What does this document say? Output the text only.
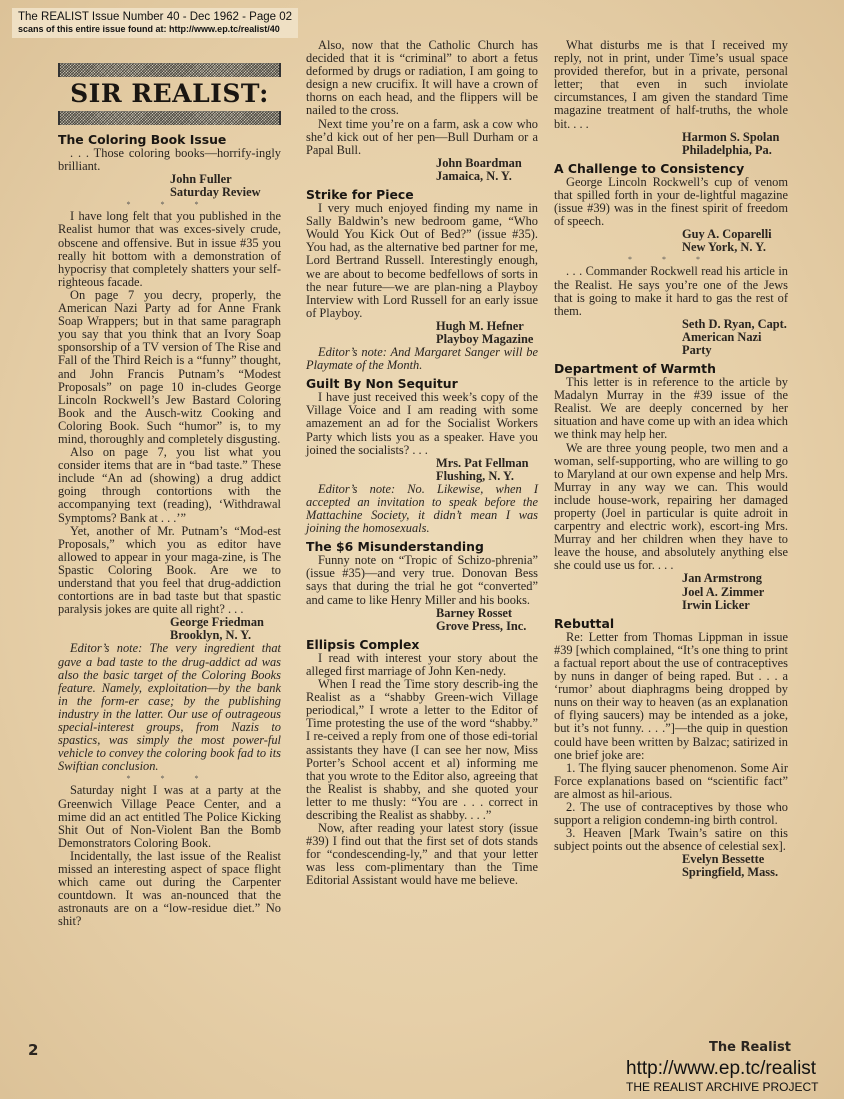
The REALIST Issue Number 40 - Dec 1962 - Page 02
scans of this entire issue found at: http://www.ep.tc/realist/40
SIR REALIST:
The Coloring Book Issue

. . . Those coloring books—horrify-ingly brilliant.

John Fuller
Saturday Review
* * *

I have long felt that you published in the Realist humor that was exces-sively crude, obscene and offensive. But in issue #35 you really hit bottom with a demonstration of hypocrisy that completely shatters your self-righteous facade.

On page 7 you decry, properly, the American Nazi Party ad for Anne Frank Soap Wrappers; but in that same paragraph you say that you think that an Ivory Soap sponsorship of a TV version of The Rise and Fall of the Third Reich is a “funny” thought, and John Francis Putnam’s “Modest Proposals” on page 10 in-cludes George Lincoln Rockwell’s Jew Bastard Coloring Book and the Ausch-witz Cooking and Coloring Book. Such “humor” is, to my mind, thoroughly and completely disgusting.

Also on page 7, you list what you consider items that are in “bad taste.” These include “An ad (showing) a drug addict going through contortions with the accompanying text (reading), ‘Withdrawal Symptoms? Bank at . . .’”

Yet, another of Mr. Putnam’s “Mod-est Proposals,” which you as editor have allowed to appear in your maga-zine, is The Spastic Coloring Book. Are we to understand that you feel that drug-addiction contortions are in bad taste but that spastic paralysis jokes are quite all right? . . .

George Friedman
Brooklyn, N. Y.

Editor’s note: The very ingredient that gave a bad taste to the drug-addict ad was also the basic target of the Coloring Books feature. Namely, exploitation—by the bank in the form-er case; by the publishing industry in the latter. Our use of outrageous special-interest groups, from Nazis to spastics, was simply the most power-ful vehicle to convey the coloring book fad to its Swiftian conclusion.

* * *

Saturday night I was at a party at the Greenwich Village Peace Center, and a mime did an act entitled The Police Kicking Shit Out of Non-Violent Ban the Bomb Demonstrators Coloring Book.

Incidentally, the last issue of the Realist missed an interesting aspect of space flight which came out during the Carpenter countdown. It was an-nounced that the astronauts are on a “low-residue diet.” No shit?

Also, now that the Catholic Church has decided that it is “criminal” to abort a fetus deformed by drugs or radiation, I am going to design a new crucifix. It will have a crown of thorns on each head, and the flippers will be nailed to the cross.

Next time you’re on a farm, ask a cow who she’d kick out of her pen—Bull Durham or a Papal Bull.

John Boardman
Jamaica, N. Y.
Strike for Piece

I very much enjoyed finding my name in Sally Baldwin’s new bedroom game, “Who Would You Kick Out of Bed?” (issue #35). You had, as the alternative bed partner for me, Lord Bertrand Russell. Interestingly enough, we are about to become bedfellows of sorts in the near future—we are plan-ning a Playboy Interview with Lord Russell for an early issue of Playboy.

Hugh M. Hefner
Playboy Magazine

Editor’s note: And Margaret Sanger will be Playmate of the Month.

Guilt By Non Sequitur

I have just received this week’s copy of the Village Voice and I am reading with some amazement an ad for the Socialist Workers Party which lists you as a speaker. Have you joined the socialists? . . .

Mrs. Pat Fellman
Flushing, N. Y.

Editor’s note: No. Likewise, when I accepted an invitation to speak before the Mattachine Society, it didn’t mean I was joining the homosexuals.

The $6 Misunderstanding

Funny note on “Tropic of Schizo-phrenia” (issue #35)—and very true. Donovan Bess says that during the trial he got “converted” and came to like Henry Miller and his books.

Barney Rosset
Grove Press, Inc.
Ellipsis Complex

I read with interest your story about the alleged first marriage of John Ken-nedy.

When I read the Time story describ-ing the Realist as a “shabby Green-wich Village periodical,” I wrote a letter to the Editor of Time protesting the use of the word “shabby.” I re-ceived a reply from one of those edi-torial assistants they have (I can see her now, Miss Porter’s School accent et al) informing me that you wrote to the Editor also, agreeing that the Realist is shabby, and she quoted your letter to me thusly: “You are . . . correct in describing the Realist as shabby. . . .”

Now, after reading your latest story (issue #39) I find out that the first set of dots stands for “condescending-ly,” and that your letter was less com-plimentary than the Time Editorial Assistant would have me believe.

What disturbs me is that I received my reply, not in print, under Time’s usual space provided therefor, but in a private, personal letter; that even in such inviolate circumstances, I am given the standard Time magazine treatment of half-truths, the whole bit. . . .

Harmon S. Spolan
Philadelphia, Pa.
A Challenge to Consistency

George Lincoln Rockwell’s cup of venom that spilled forth in your de-lightful magazine (issue #39) was in the finest spirit of freedom of speech.

Guy A. Coparelli
New York, N. Y.
* * *

. . . Commander Rockwell read his article in the Realist. He says you’re one of the Jews that is going to make it hard to gas the rest of them.

Seth D. Ryan, Capt.
American Nazi Party
Department of Warmth

This letter is in reference to the article by Madalyn Murray in the #39 issue of the Realist. We are deeply concerned by her situation and have come up with an idea which we think may help her.

We are three young people, two men and a woman, self-supporting, who are willing to go to Maryland at our own expense and help Mrs. Murray in any way we can. This would include house-work, repairing her damaged property (Joel in particular is quite adroit in carpentry and electric work), escort-ing Mrs. Murray and her children when they have to leave the house, and absolutely anything else she could use us for. . . .

Jan Armstrong
Joel A. Zimmer
Irwin Licker
Rebuttal

Re: Letter from Thomas Lippman in issue #39 [which complained, “It’s one thing to print a factual report about the use of contraceptives by nuns in danger of being raped. But . . . a ‘rumor’ about diaphragms being dropped by nuns on their way to heaven (as an explanation of flying saucers) may be intended as a joke, but it’s not funny. . . .”]—the quip in question could have been written by Balzac; satirized in one brief joke are:

1. The flying saucer phenomenon. Some Air Force explanations based on “scientific fact” are almost as hil-arious.

2. The use of contraceptives by those who support a religion condemn-ing birth control.

3. Heaven [Mark Twain’s satire on this subject points out the absence of celestial sex].

Evelyn Bessette
Springfield, Mass.
2	The Realist
http://www.ep.tc/realist
THE REALIST ARCHIVE PROJECT
